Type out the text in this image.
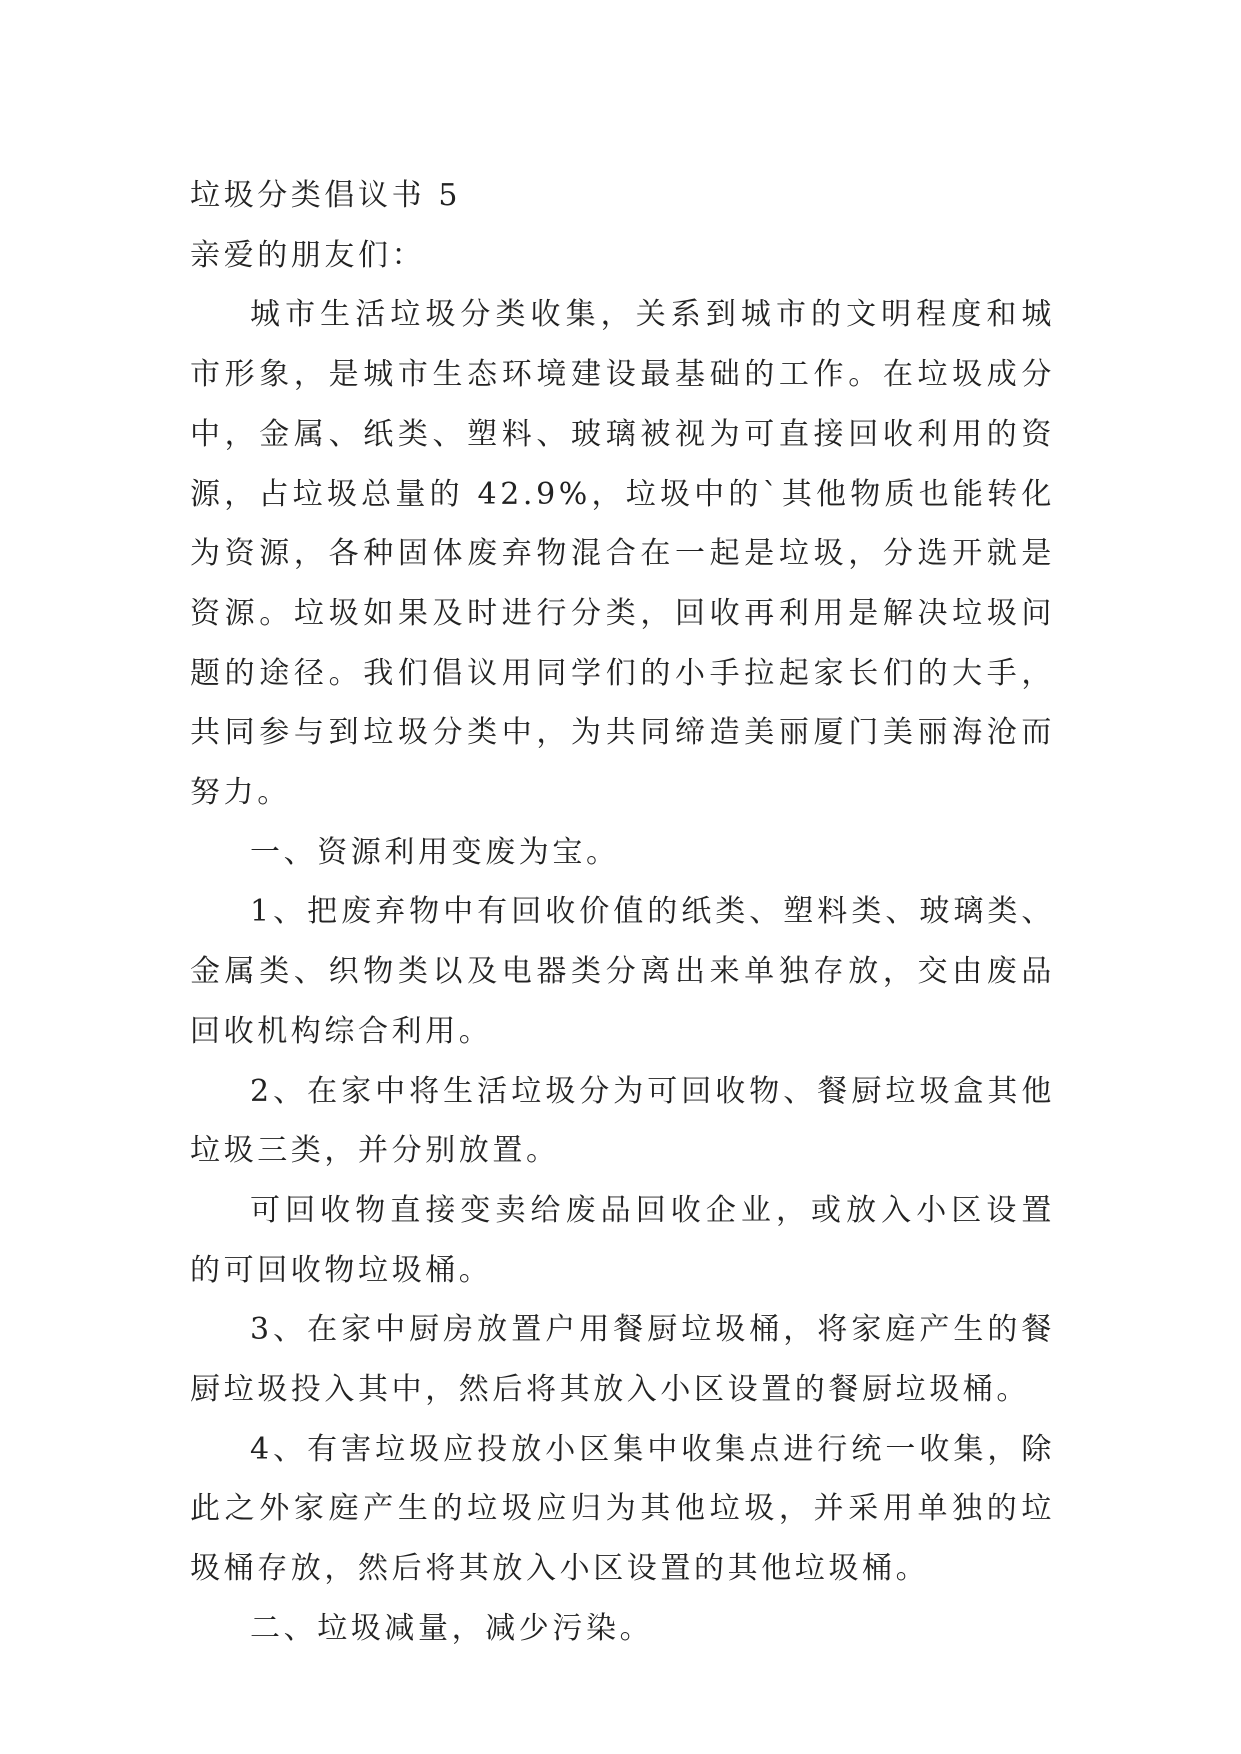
垃圾分类倡议书 5

亲爱的朋友们：

城市生活垃圾分类收集，关系到城市的文明程度和城市形象，是城市生态环境建设最基础的工作。在垃圾成分中，金属、纸类、塑料、玻璃被视为可直接回收利用的资源，占垃圾总量的 42.9%，垃圾中的`其他物质也能转化为资源，各种固体废弃物混合在一起是垃圾，分选开就是资源。垃圾如果及时进行分类，回收再利用是解决垃圾问题的途径。我们倡议用同学们的小手拉起家长们的大手，共同参与到垃圾分类中，为共同缔造美丽厦门美丽海沧而努力。

一、资源利用变废为宝。

1、把废弃物中有回收价值的纸类、塑料类、玻璃类、金属类、织物类以及电器类分离出来单独存放，交由废品回收机构综合利用。

2、在家中将生活垃圾分为可回收物、餐厨垃圾盒其他垃圾三类，并分别放置。

可回收物直接变卖给废品回收企业，或放入小区设置的可回收物垃圾桶。

3、在家中厨房放置户用餐厨垃圾桶，将家庭产生的餐厨垃圾投入其中，然后将其放入小区设置的餐厨垃圾桶。

4、有害垃圾应投放小区集中收集点进行统一收集，除此之外家庭产生的垃圾应归为其他垃圾，并采用单独的垃圾桶存放，然后将其放入小区设置的其他垃圾桶。

二、垃圾减量，减少污染。
